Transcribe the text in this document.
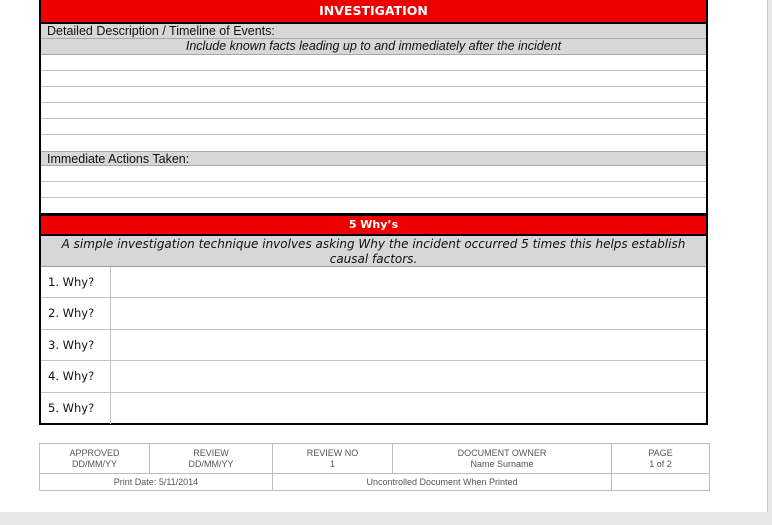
INVESTIGATION
Detailed Description / Timeline of Events:
Include known facts leading up to and immediately after the incident
Immediate Actions Taken:
5 Why’s
A simple investigation technique involves asking Why the incident occurred 5 times this helps establish causal factors.
1. Why?
2. Why?
3. Why?
4. Why?
5. Why?
APPROVED
DD/MM/YY
REVIEW
DD/MM/YY
REVIEW NO
1
DOCUMENT OWNER
Name Surname
PAGE
1 of 2
Print Date: 5/11/2014	Uncontrolled Document When Printed
